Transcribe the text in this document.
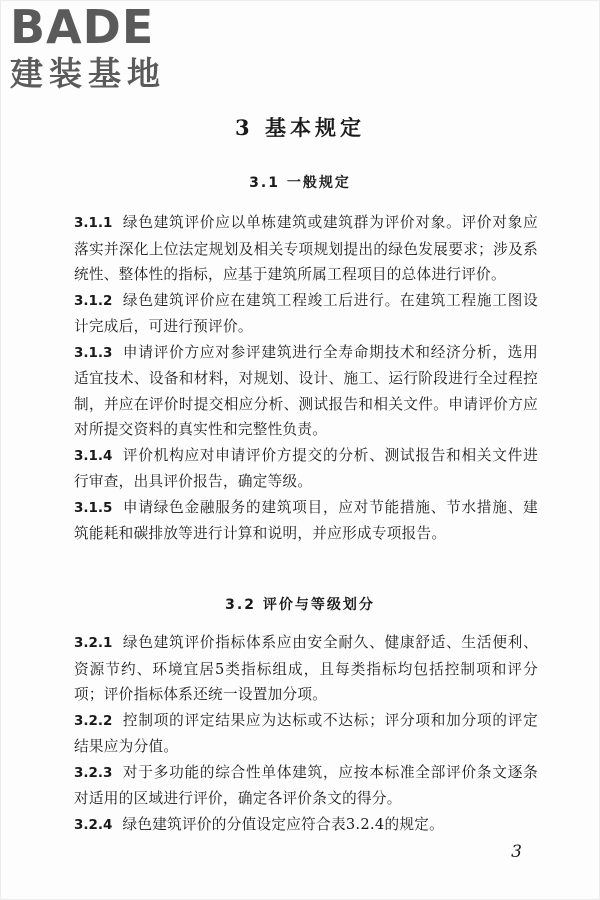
BADE
建装基地
3 基本规定
3.1 一般规定

3.1.1 绿色建筑评价应以单栋建筑或建筑群为评价对象。评价对象应落实并深化上位法定规划及相关专项规划提出的绿色发展要求；涉及系统性、整体性的指标，应基于建筑所属工程项目的总体进行评价。

3.1.2 绿色建筑评价应在建筑工程竣工后进行。在建筑工程施工图设计完成后，可进行预评价。

3.1.3 申请评价方应对参评建筑进行全寿命期技术和经济分析，选用适宜技术、设备和材料，对规划、设计、施工、运行阶段进行全过程控制，并应在评价时提交相应分析、测试报告和相关文件。申请评价方应对所提交资料的真实性和完整性负责。

3.1.4 评价机构应对申请评价方提交的分析、测试报告和相关文件进行审查，出具评价报告，确定等级。

3.1.5 申请绿色金融服务的建筑项目，应对节能措施、节水措施、建筑能耗和碳排放等进行计算和说明，并应形成专项报告。

3.2 评价与等级划分

3.2.1 绿色建筑评价指标体系应由安全耐久、健康舒适、生活便利、资源节约、环境宜居5类指标组成，且每类指标均包括控制项和评分项；评价指标体系还统一设置加分项。

3.2.2 控制项的评定结果应为达标或不达标；评分项和加分项的评定结果应为分值。

3.2.3 对于多功能的综合性单体建筑，应按本标准全部评价条文逐条对适用的区域进行评价，确定各评价条文的得分。

3.2.4 绿色建筑评价的分值设定应符合表3.2.4的规定。

3
